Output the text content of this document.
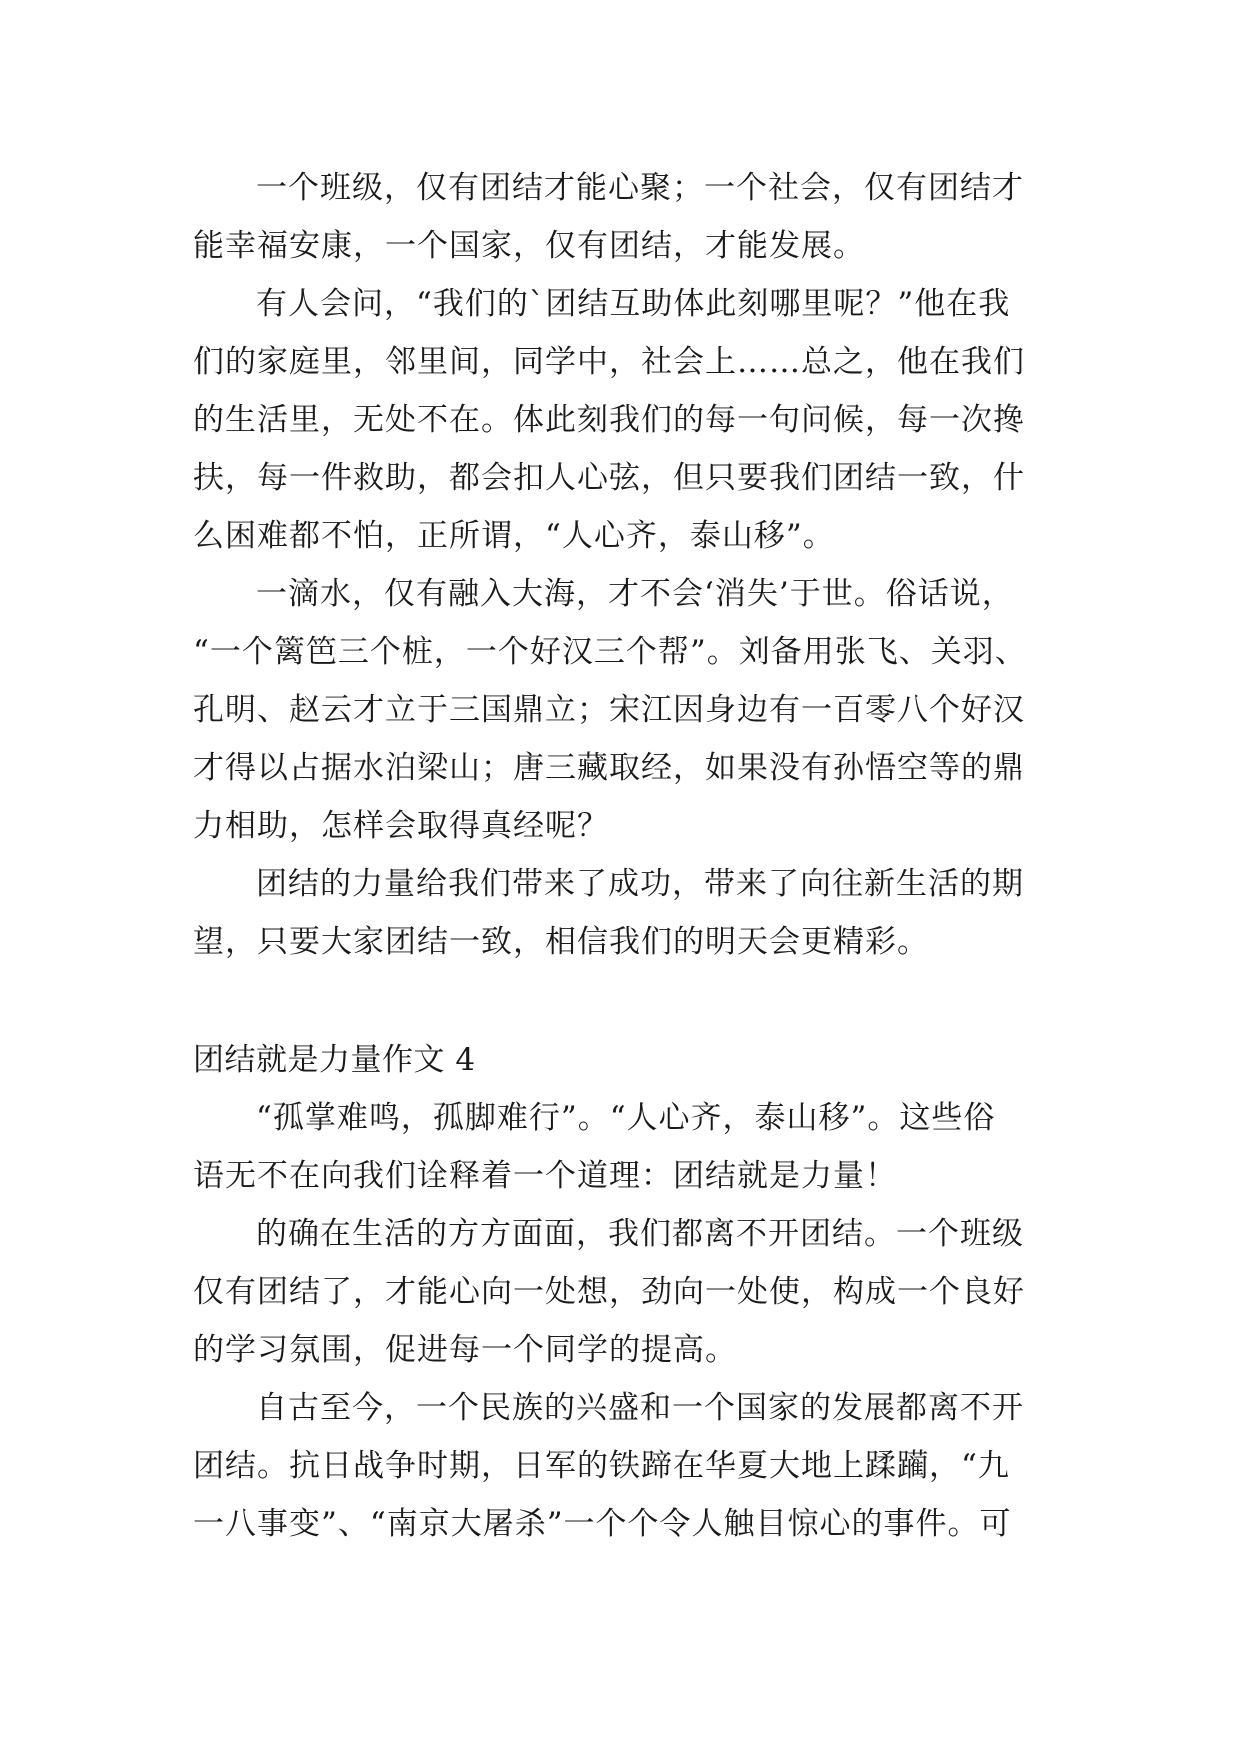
一个班级，仅有团结才能心聚；一个社会，仅有团结才
能幸福安康，一个国家，仅有团结，才能发展。
有人会问，“我们的`团结互助体此刻哪里呢？”他在我
们的家庭里，邻里间，同学中，社会上……总之，他在我们
的生活里，无处不在。体此刻我们的每一句问候，每一次搀
扶，每一件救助，都会扣人心弦，但只要我们团结一致，什
么困难都不怕，正所谓，“人心齐，泰山移”。
一滴水，仅有融入大海，才不会‘消失’于世。俗话说，
“一个篱笆三个桩，一个好汉三个帮”。刘备用张飞、关羽、
孔明、赵云才立于三国鼎立；宋江因身边有一百零八个好汉
才得以占据水泊梁山；唐三藏取经，如果没有孙悟空等的鼎
力相助，怎样会取得真经呢？
团结的力量给我们带来了成功，带来了向往新生活的期
望，只要大家团结一致，相信我们的明天会更精彩。
团结就是力量作文 4
“孤掌难鸣，孤脚难行”。“人心齐，泰山移”。这些俗
语无不在向我们诠释着一个道理：团结就是力量！
的确在生活的方方面面，我们都离不开团结。一个班级
仅有团结了，才能心向一处想，劲向一处使，构成一个良好
的学习氛围，促进每一个同学的提高。
自古至今，一个民族的兴盛和一个国家的发展都离不开
团结。抗日战争时期，日军的铁蹄在华夏大地上蹂躏，“九
一八事变”、“南京大屠杀”一个个令人触目惊心的事件。可
